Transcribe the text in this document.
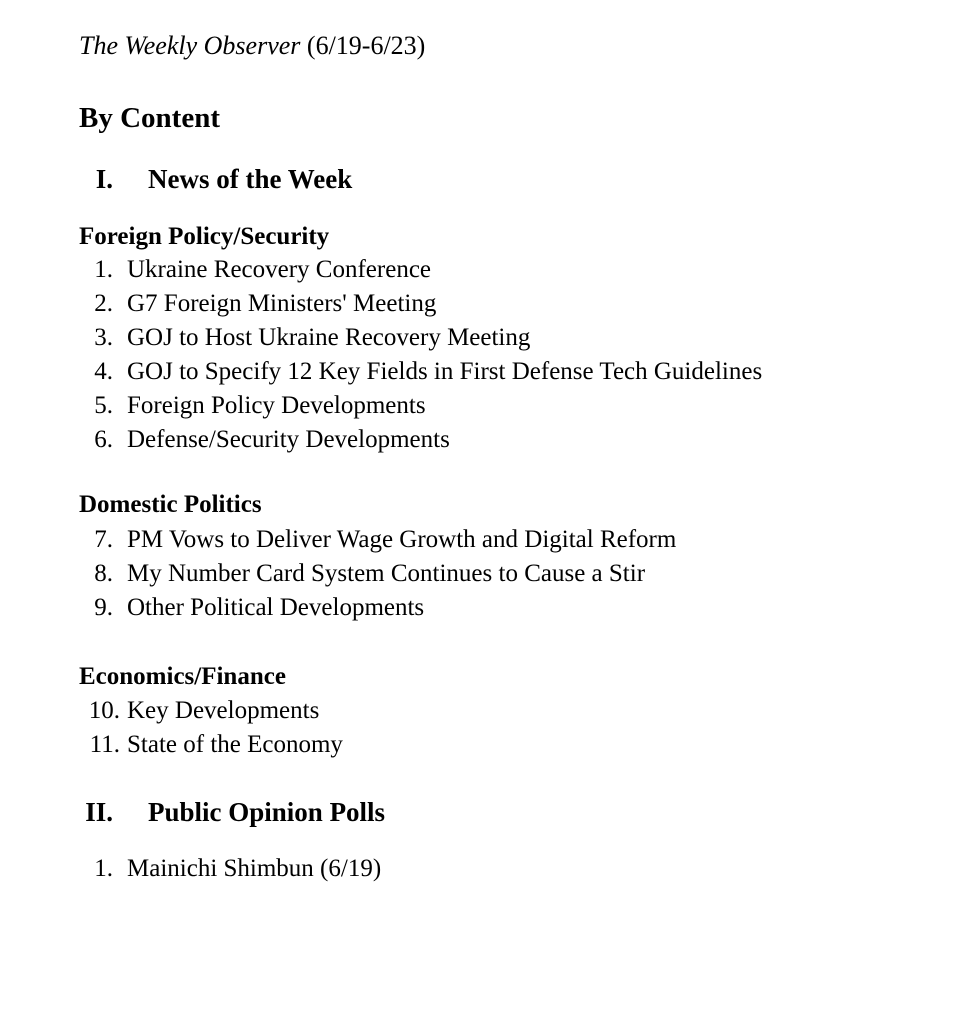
The Weekly Observer (6/19-6/23)
By Content
I. News of the Week
Foreign Policy/Security
1. Ukraine Recovery Conference
2. G7 Foreign Ministers' Meeting
3. GOJ to Host Ukraine Recovery Meeting
4. GOJ to Specify 12 Key Fields in First Defense Tech Guidelines
5. Foreign Policy Developments
6. Defense/Security Developments
Domestic Politics
7. PM Vows to Deliver Wage Growth and Digital Reform
8. My Number Card System Continues to Cause a Stir
9. Other Political Developments
Economics/Finance
10. Key Developments
11. State of the Economy
II. Public Opinion Polls
1. Mainichi Shimbun (6/19)
